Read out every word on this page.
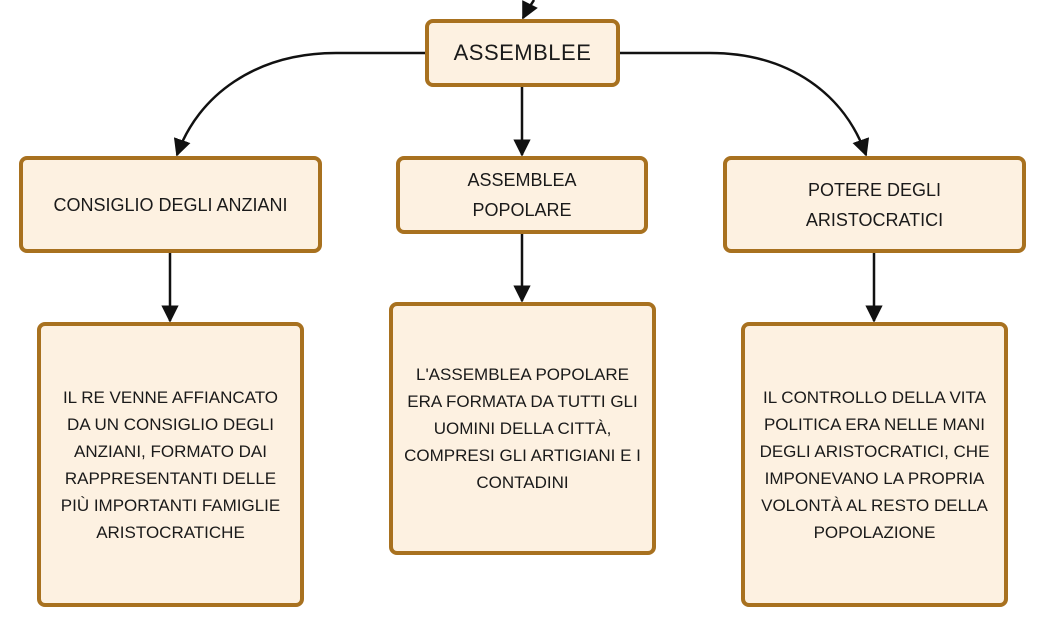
ASSEMBLEE
CONSIGLIO DEGLI ANZIANI
ASSEMBLEA POPOLARE
POTERE DEGLI ARISTOCRATICI
IL RE VENNE AFFIANCATO DA UN CONSIGLIO DEGLI ANZIANI, FORMATO DAI RAPPRESENTANTI DELLE PIÙ IMPORTANTI FAMIGLIE ARISTOCRATICHE
L'ASSEMBLEA POPOLARE ERA FORMATA DA TUTTI GLI UOMINI DELLA CITTÀ, COMPRESI GLI ARTIGIANI E I CONTADINI
IL CONTROLLO DELLA VITA POLITICA ERA NELLE MANI DEGLI ARISTOCRATICI, CHE IMPONEVANO LA PROPRIA VOLONTÀ AL RESTO DELLA POPOLAZIONE
